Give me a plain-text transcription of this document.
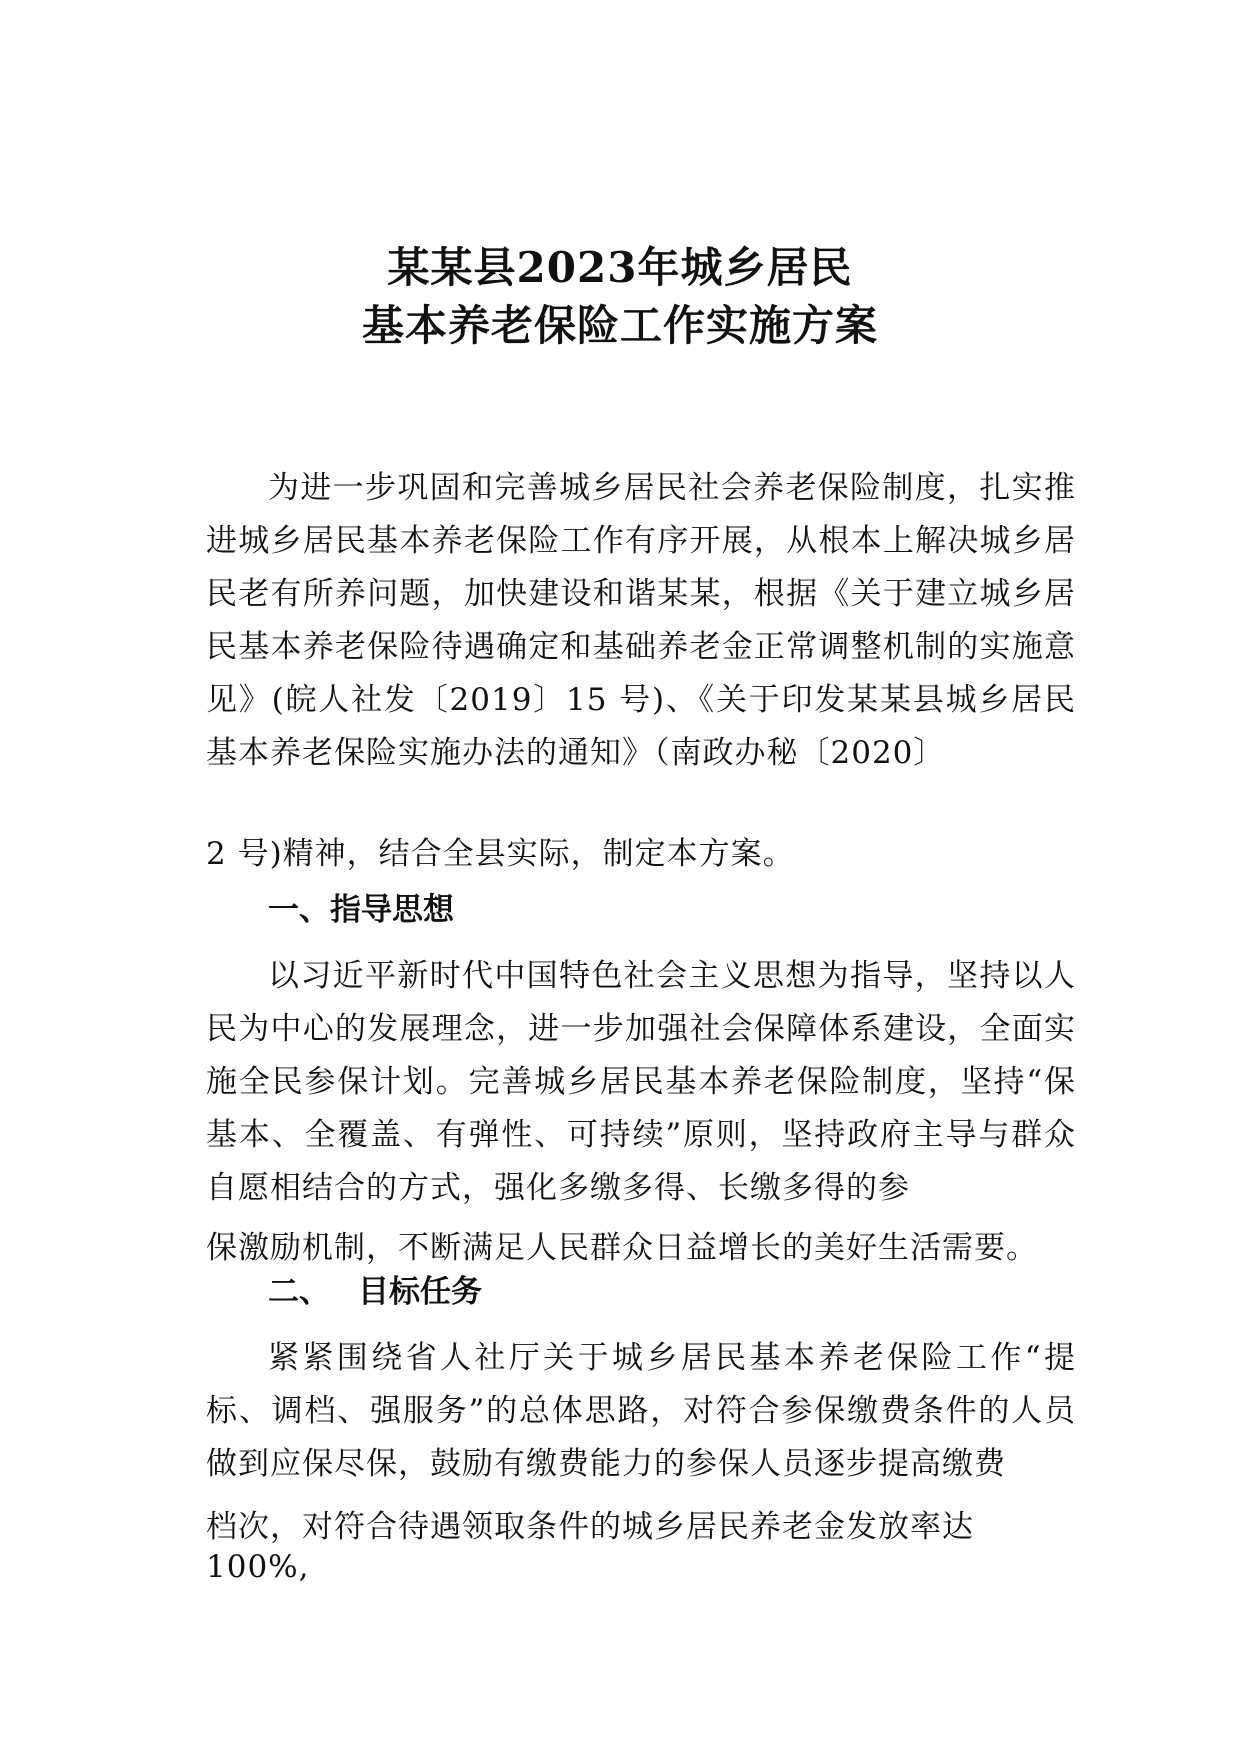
某某县2023年城乡居民
基本养老保险工作实施方案

为进一步巩固和完善城乡居民社会养老保险制度，扎实推进城乡居民基本养老保险工作有序开展，从根本上解决城乡居民老有所养问题，加快建设和谐某某，根据《关于建立城乡居民基本养老保险待遇确定和基础养老金正常调整机制的实施意见》(皖人社发〔2019〕15 号)、《关于印发某某县城乡居民基本养老保险实施办法的通知》（南政办秘〔2020〕

2 号)精神，结合全县实际，制定本方案。

一、指导思想

以习近平新时代中国特色社会主义思想为指导，坚持以人民为中心的发展理念，进一步加强社会保障体系建设，全面实施全民参保计划。完善城乡居民基本养老保险制度，坚持“保基本、全覆盖、有弹性、可持续”原则，坚持政府主导与群众自愿相结合的方式，强化多缴多得、长缴多得的参

保激励机制，不断满足人民群众日益增长的美好生活需要。
二、 目标任务

紧紧围绕省人社厅关于城乡居民基本养老保险工作“提标、调档、强服务”的总体思路，对符合参保缴费条件的人员做到应保尽保，鼓励有缴费能力的参保人员逐步提高缴费

档次，对符合待遇领取条件的城乡居民养老金发放率达
100%,
